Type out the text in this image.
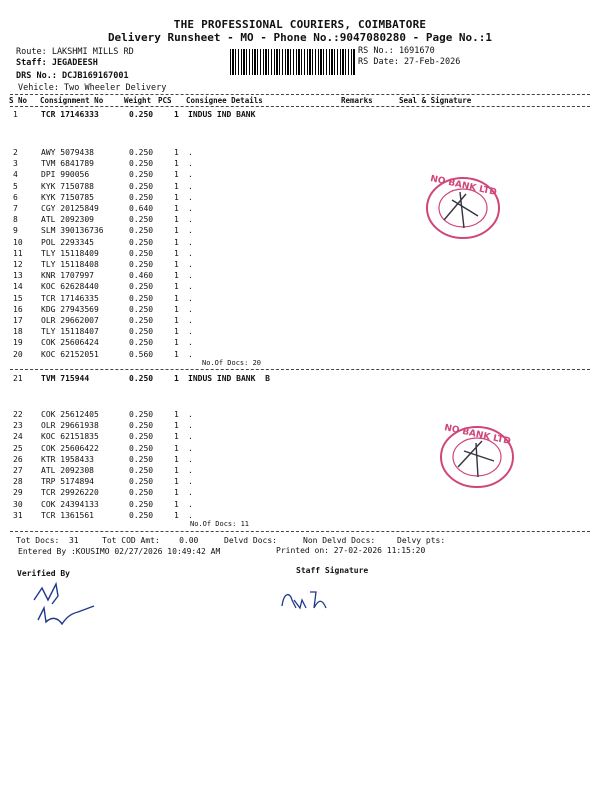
THE PROFESSIONAL COURIERS, COIMBATORE
Delivery Runsheet - MO - Phone No.:9047080280 - Page No.:1
Route: LAKSHMI MILLS RD
Staff: JEGADEESH
RS No.: 1691670
RS Date: 27-Feb-2026
DRS No.: DCJB169167001
Vehicle: Two Wheeler Delivery
S No Consignment No	Weight PCS Consignee Details	Remarks	Seal & Signature
1	TCR 17146333	0.250	1 INDUS IND BANK
2	AWY 5079438	0.250	1 .
3	TVM 6841789	0.250	1 .
4	DPI 990056	0.250	1 .
5	KYK 7150788	0.250	1 .
6	KYK 7150785	0.250	1 .
7	CGY 20125849	0.640	1 .
8	ATL 2092309	0.250	1 .
9	SLM 390136736	0.250	1 .
10 POL 2293345	0.250	1 .
11 TLY 15118409	0.250	1 .
12 TLY 15118408	0.250	1 .
13 KNR 1707997	0.460	1 .
14 KOC 62628440	0.250	1 .
15 TCR 17146335	0.250	1 .
16 KDG 27943569	0.250	1 .
17 OLR 29662007	0.250	1 .
18 TLY 15118407	0.250	1 .
19 COK 25606424	0.250	1 .
20 KOC 62152051	0.560	1 .
No.Of Docs: 20
21 TVM 715944	0.250	1 INDUS IND BANK  B
22 COK 25612405	0.250	1 .
23 OLR 29661938	0.250	1 .
24 KOC 62151835	0.250	1 .
25 COK 25606422	0.250	1 .
26 KTR 1958433	0.250	1 .
27 ATL 2092308	0.250	1 .
28 TRP 5174894	0.250	1 .
29 TCR 29926220	0.250	1 .
30 COK 24394133	0.250	1 .
31 TCR 1361561	0.250	1 .
No.Of Docs: 11
Tot Docs:  31	Tot COD Amt:    0.00	Delvd Docs:	Non Delvd Docs:	Delvy pts:
Entered By :KOUSIMO 02/27/2026 10:49:42 AM	Printed on: 27-02-2026 11:15:20
Verified By	Staff Signature
NO BANK LTD
NO BANK LTD
